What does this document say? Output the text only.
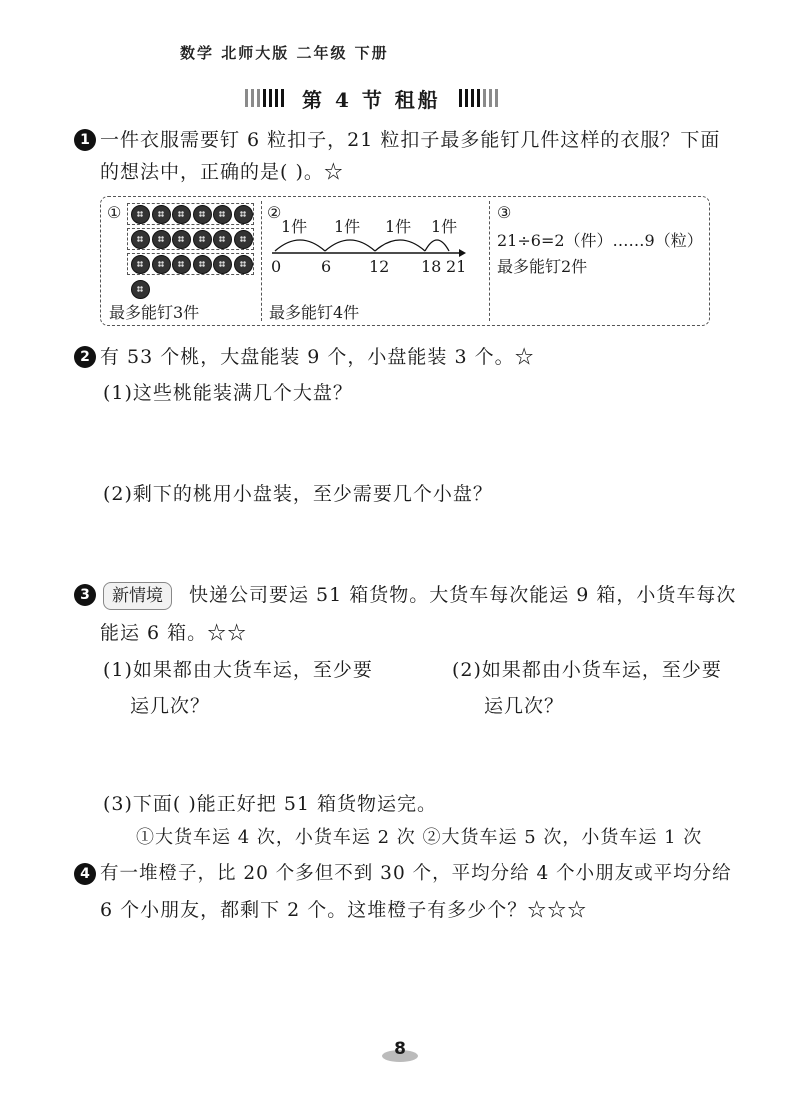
数学 北师大版 二年级 下册
第 4 节 租船
1 一件衣服需要钉 6 粒扣子，21 粒扣子最多能钉几件这样的衣服？下面
的想法中，正确的是( )。☆
①
最多能钉3件
②
1件 1件 1件 1件
0 6 12 18 21
最多能钉4件
③
21÷6=2（件）……9（粒）
最多能钉2件
2 有 53 个桃，大盘能装 9 个，小盘能装 3 个。☆
(1)这些桃能装满几个大盘？
(2)剩下的桃用小盘装，至少需要几个小盘？
3	新情境	快递公司要运 51 箱货物。大货车每次能运 9 箱，小货车每次
能运 6 箱。☆☆
(1)如果都由大货车运，至少要
运几次？
(2)如果都由小货车运，至少要
运几次？
(3)下面( )能正好把 51 箱货物运完。
①大货车运 4 次，小货车运 2 次 ②大货车运 5 次，小货车运 1 次
4 有一堆橙子，比 20 个多但不到 30 个，平均分给 4 个小朋友或平均分给
6 个小朋友，都剩下 2 个。这堆橙子有多少个？☆☆☆
8
